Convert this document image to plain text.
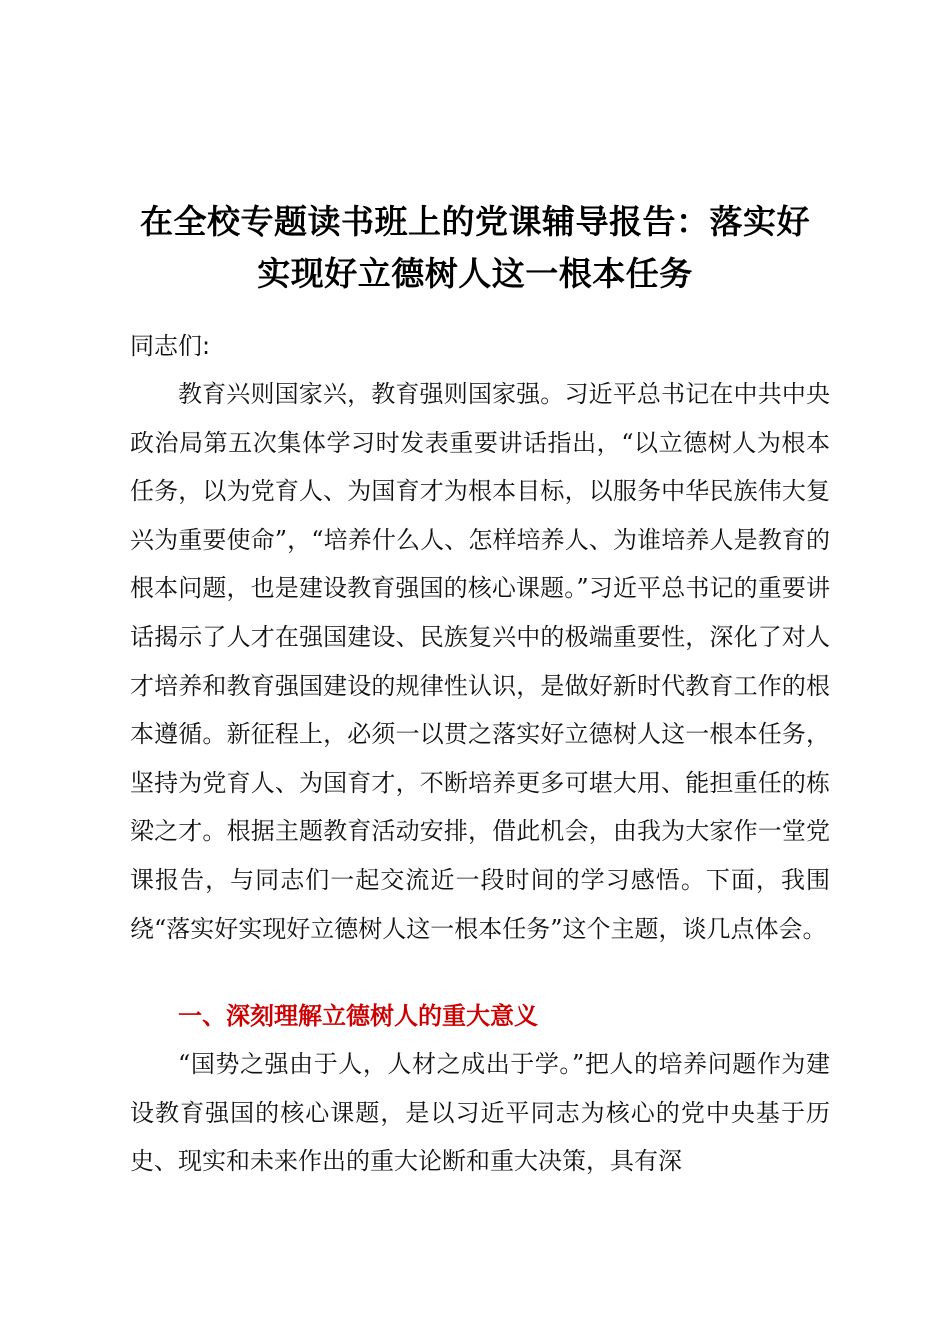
在全校专题读书班上的党课辅导报告：落实好
实现好立德树人这一根本任务
同志们:
教育兴则国家兴，教育强则国家强。习近平总书记在中共中央政治局第五次集体学习时发表重要讲话指出，“以立德树人为根本任务，以为党育人、为国育才为根本目标，以服务中华民族伟大复兴为重要使命”，“培养什么人、怎样培养人、为谁培养人是教育的根本问题，也是建设教育强国的核心课题。”习近平总书记的重要讲话揭示了人才在强国建设、民族复兴中的极端重要性，深化了对人才培养和教育强国建设的规律性认识，是做好新时代教育工作的根本遵循。新征程上，必须一以贯之落实好立德树人这一根本任务，坚持为党育人、为国育才，不断培养更多可堪大用、能担重任的栋梁之才。根据主题教育活动安排，借此机会，由我为大家作一堂党课报告，与同志们一起交流近一段时间的学习感悟。下面，我围绕“落实好实现好立德树人这一根本任务”这个主题，谈几点体会。
一、深刻理解立德树人的重大意义
“国势之强由于人，人材之成出于学。”把人的培养问题作为建设教育强国的核心课题，是以习近平同志为核心的党中央基于历史、现实和未来作出的重大论断和重大决策，具有深
